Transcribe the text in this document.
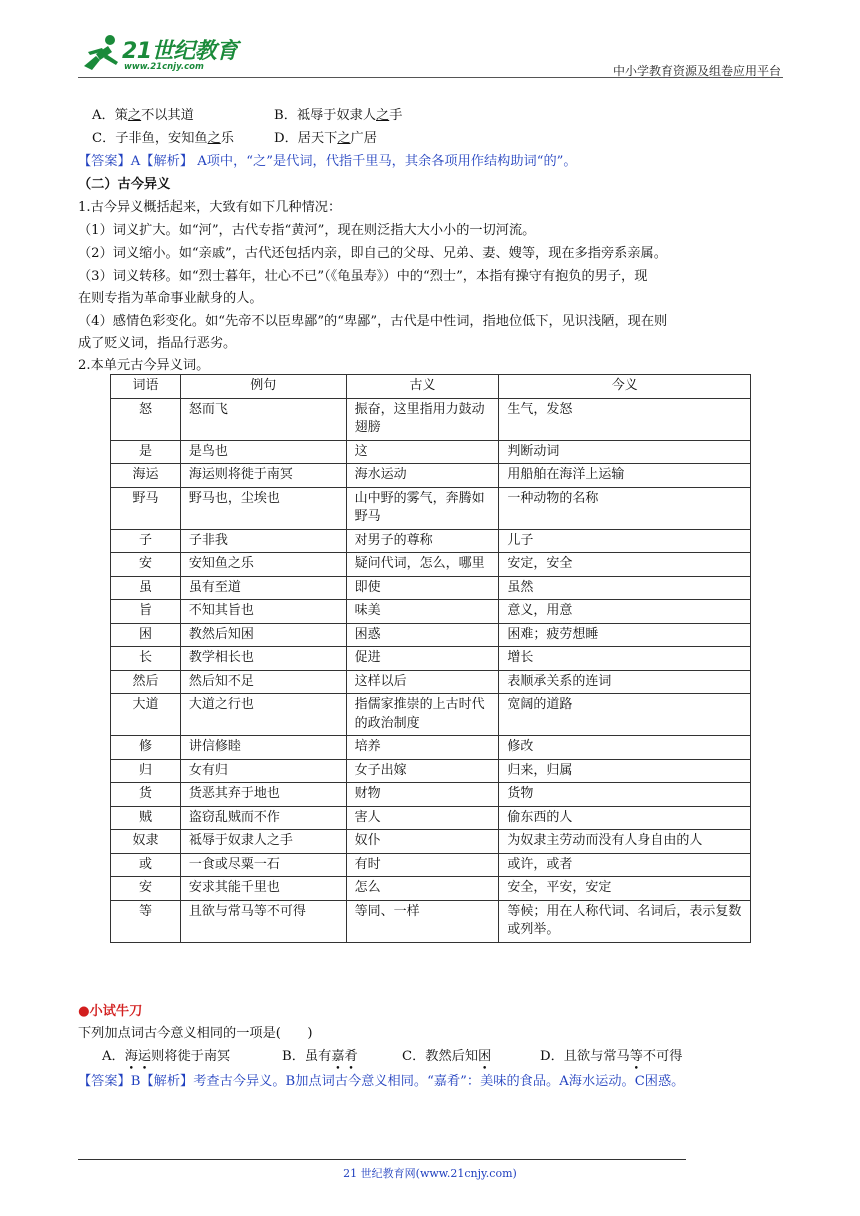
21世纪教育
www.21cnjy.com	中小学教育资源及组卷应用平台
A．策之不以其道	B．祗辱于奴隶人之手
C．子非鱼，安知鱼之乐	D．居天下之广居
【答案】A【解析】 A项中，“之”是代词，代指千里马，其余各项用作结构助词“的”。
（二）古今异义
1.古今异义概括起来，大致有如下几种情况：
（1）词义扩大。如“河”，古代专指“黄河”，现在则泛指大大小小的一切河流。
（2）词义缩小。如“亲戚”，古代还包括内亲，即自己的父母、兄弟、妻、嫂等，现在多指旁系亲属。
（3）词义转移。如“烈士暮年，壮心不已”（《龟虽寿》）中的“烈士”，本指有操守有抱负的男子，现
在则专指为革命事业献身的人。
（4）感情色彩变化。如“先帝不以臣卑鄙”的“卑鄙”，古代是中性词，指地位低下，见识浅陋，现在则
成了贬义词，指品行恶劣。
2.本单元古今异义词。
词语	例句	古义	今义
怒	怒而飞	振奋，这里指用力鼓动翅膀	生气，发怒
是	是鸟也	这	判断动词
海运	海运则将徙于南冥	海水运动	用船舶在海洋上运输
野马	野马也，尘埃也	山中野的雾气，奔腾如野马	一种动物的名称
子	子非我	对男子的尊称	儿子
安	安知鱼之乐	疑问代词，怎么，哪里	安定，安全
虽	虽有至道	即使	虽然
旨	不知其旨也	味美	意义，用意
困	教然后知困	困惑	困难；疲劳想睡
长	教学相长也	促进	增长
然后	然后知不足	这样以后	表顺承关系的连词
大道	大道之行也	指儒家推崇的上古时代的政治制度	宽阔的道路
修	讲信修睦	培养	修改
归	女有归	女子出嫁	归来，归属
货	货恶其弃于地也	财物	货物
贼	盗窃乱贼而不作	害人	偷东西的人
奴隶	祗辱于奴隶人之手	奴仆	为奴隶主劳动而没有人身自由的人
或	一食或尽粟一石	有时	或许，或者
安	安求其能千里也	怎么	安全，平安，安定
等	且欲与常马等不可得	等同、一样	等候；用在人称代词、名词后，表示复数或列举。
●小试牛刀
下列加点词古今意义相同的一项是(　　)
A．海运则将徙于南冥	B．虽有嘉肴	C．教然后知困	D．且欲与常马等不可得
【答案】B【解析】考查古今异义。B加点词古今意义相同。“嘉肴”：美味的食品。A海水运动。C困惑。
21 世纪教育网(www.21cnjy.com)
